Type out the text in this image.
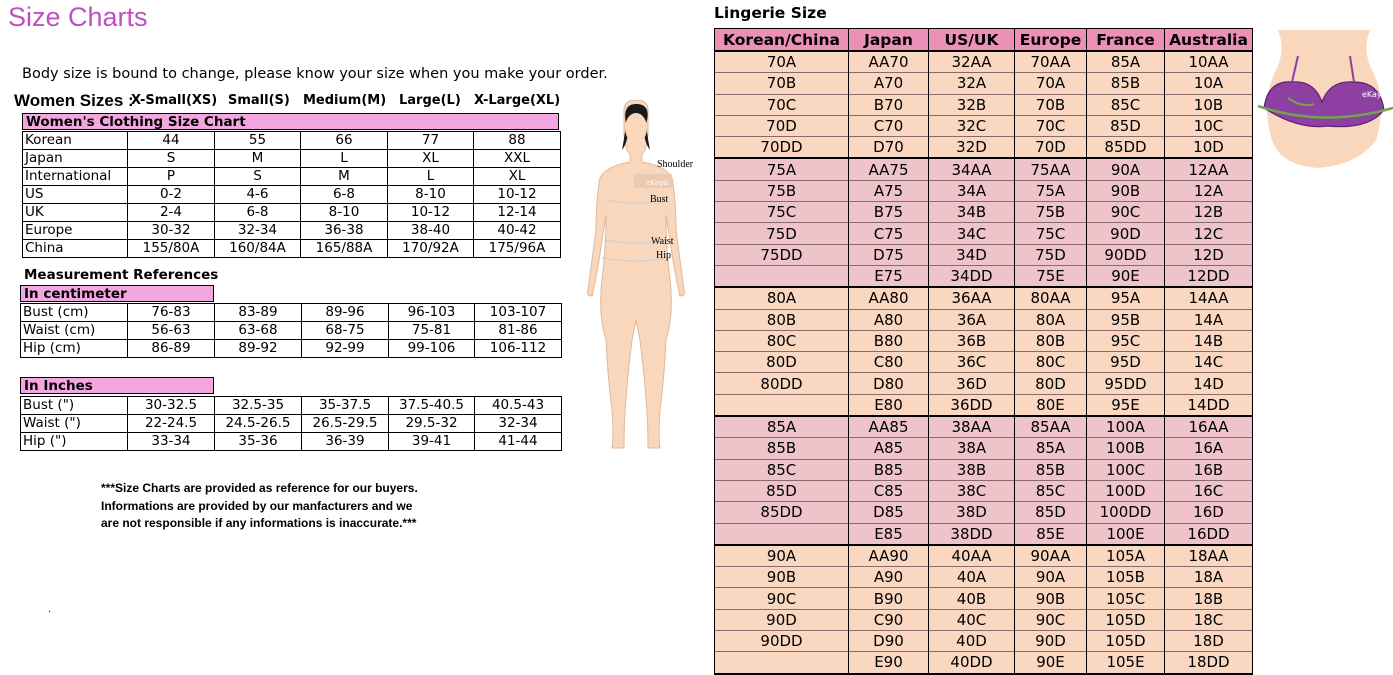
Size Charts
Body size is bound to change, please know your size when you make your order.
Women Sizes :
X-Small(XS) Small(S) Medium(M) Large(L) X-Large(XL)
Women's Clothing Size Chart
Korean	44	55	66	77	88
Japan	S	M	L	XL	XXL
International	P	S	M	L	XL
US	0-2	4-6	6-8	8-10	10-12
UK	2-4	6-8	8-10	10-12	12-14
Europe	30-32	32-34	36-38	38-40	40-42
China	155/80A	160/84A	165/88A	170/92A	175/96A
Measurement References
In centimeter
Bust (cm)	76-83	83-89	89-96	96-103	103-107
Waist (cm)	56-63	63-68	68-75	75-81	81-86
Hip (cm)	86-89	89-92	92-99	99-106	106-112
In Inches
Bust (")	30-32.5	32.5-35	35-37.5	37.5-40.5	40.5-43
Waist (")	22-24.5	24.5-26.5	26.5-29.5	29.5-32	32-34
Hip (")	33-34	35-36	36-39	39-41	41-44
eKayis
Shoulder
Bust
Waist
Hip
***Size Charts are provided as reference for our buyers. Informations are provided by our manfacturers and we are not responsible if any informations is inaccurate.***
.
Lingerie Size
Korean/China	Japan	US/UK	Europe	France	Australia
70A	AA70	32AA	70AA	85A	10AA
70B	A70	32A	70A	85B	10A
70C	B70	32B	70B	85C	10B
70D	C70	32C	70C	85D	10C
70DD	D70	32D	70D	85DD	10D
75A	AA75	34AA	75AA	90A	12AA
75B	A75	34A	75A	90B	12A
75C	B75	34B	75B	90C	12B
75D	C75	34C	75C	90D	12C
75DD	D75	34D	75D	90DD	12D
	E75	34DD	75E	90E	12DD
80A	AA80	36AA	80AA	95A	14AA
80B	A80	36A	80A	95B	14A
80C	B80	36B	80B	95C	14B
80D	C80	36C	80C	95D	14C
80DD	D80	36D	80D	95DD	14D
	E80	36DD	80E	95E	14DD
85A	AA85	38AA	85AA	100A	16AA
85B	A85	38A	85A	100B	16A
85C	B85	38B	85B	100C	16B
85D	C85	38C	85C	100D	16C
85DD	D85	38D	85D	100DD	16D
	E85	38DD	85E	100E	16DD
90A	AA90	40AA	90AA	105A	18AA
90B	A90	40A	90A	105B	18A
90C	B90	40B	90B	105C	18B
90D	C90	40C	90C	105D	18C
90DD	D90	40D	90D	105D	18D
	E90	40DD	90E	105E	18DD
eKayis
